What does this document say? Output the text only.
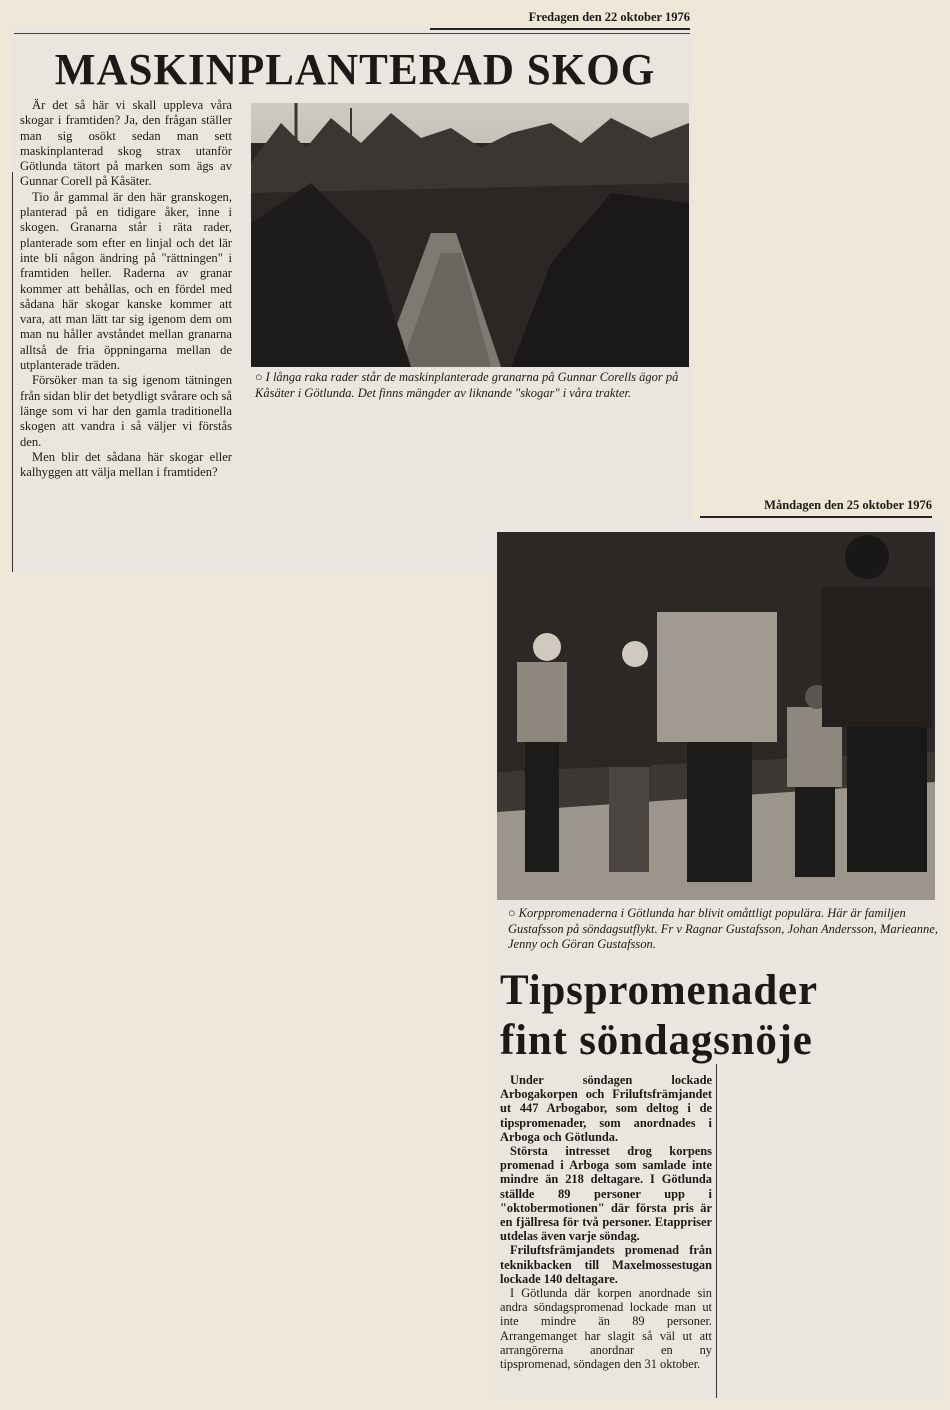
Fredagen den 22 oktober 1976
MASKINPLANTERAD SKOG

Är det så här vi skall uppleva våra skogar i framtiden? Ja, den frågan ställer man sig osökt sedan man sett maskinplanterad skog strax utanför Götlunda tätort på marken som ägs av Gunnar Corell på Kåsäter.

Tio år gammal är den här granskogen, planterad på en tidigare åker, inne i skogen. Granarna står i räta rader, planterade som efter en linjal och det lär inte bli någon ändring på "rättningen" i framtiden heller. Raderna av granar kommer att behållas, och en fördel med sådana här skogar kanske kommer att vara, att man lätt tar sig igenom dem om man nu håller avståndet mellan granarna alltså de fria öppningarna mellan de utplanterade träden.

Försöker man ta sig igenom tätningen från sidan blir det betydligt svårare och så länge som vi har den gamla traditionella skogen att vandra i så väljer vi förstås den.

Men blir det sådana här skogar eller kalhyggen att välja mellan i framtiden?

○ I långa raka rader står de maskinplanterade granarna på Gunnar Corells ägor på Kåsäter i Götlunda. Det finns mängder av liknande "skogar" i våra trakter.
Måndagen den 25 oktober 1976
○ Korppromenaderna i Götlunda har blivit omåttligt populära. Här är familjen Gustafsson på söndagsutflykt. Fr v Ragnar Gustafsson, Johan Andersson, Marieanne, Jenny och Göran Gustafsson.
Tipspromenader
fint söndagsnöje

Under söndagen lockade Arbogakorpen och Friluftsfrämjandet ut 447 Arbogabor, som deltog i de tipspromenader, som anordnades i Arboga och Götlunda.

Största intresset drog korpens promenad i Arboga som samlade inte mindre än 218 deltagare. I Götlunda ställde 89 personer upp i "oktobermotionen" där första pris är en fjällresa för två personer. Etappriser utdelas även varje söndag.

Friluftsfrämjandets promenad från teknikbacken till Maxelmossestugan lockade 140 deltagare.

I Götlunda där korpen anordnade sin andra söndagspromenad lockade man ut inte mindre än 89 personer. Arrangemanget har slagit så väl ut att arrangörerna anordnar en ny tipspromenad, söndagen den 31 oktober.
